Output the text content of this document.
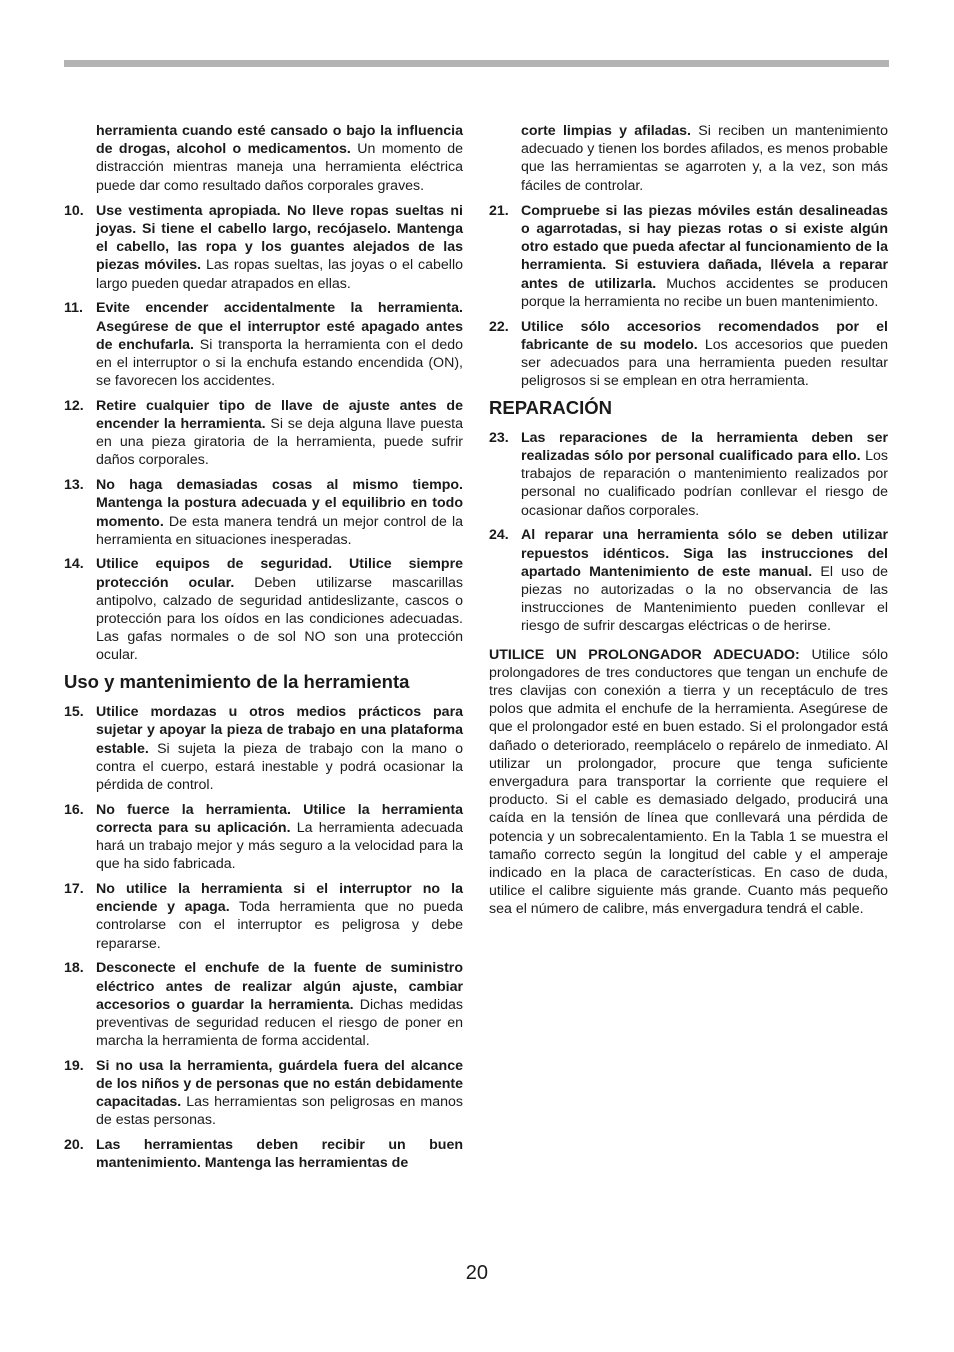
herramienta cuando esté cansado o bajo la influencia de drogas, alcohol o medicamentos. Un momento de distracción mientras maneja una herramienta eléctrica puede dar como resultado daños corporales graves.
10. Use vestimenta apropiada. No lleve ropas sueltas ni joyas. Si tiene el cabello largo, recójaselo. Mantenga el cabello, las ropa y los guantes alejados de las piezas móviles. Las ropas sueltas, las joyas o el cabello largo pueden quedar atrapados en ellas.
11. Evite encender accidentalmente la herramienta. Asegúrese de que el interruptor esté apagado antes de enchufarla. Si transporta la herramienta con el dedo en el interruptor o si la enchufa estando encendida (ON), se favorecen los accidentes.
12. Retire cualquier tipo de llave de ajuste antes de encender la herramienta. Si se deja alguna llave puesta en una pieza giratoria de la herramienta, puede sufrir daños corporales.
13. No haga demasiadas cosas al mismo tiempo. Mantenga la postura adecuada y el equilibrio en todo momento. De esta manera tendrá un mejor control de la herramienta en situaciones inesperadas.
14. Utilice equipos de seguridad. Utilice siempre protección ocular. Deben utilizarse mascarillas antipolvo, calzado de seguridad antideslizante, cascos o protección para los oídos en las condiciones adecuadas. Las gafas normales o de sol NO son una protección ocular.
Uso y mantenimiento de la herramienta
15. Utilice mordazas u otros medios prácticos para sujetar y apoyar la pieza de trabajo en una plataforma estable. Si sujeta la pieza de trabajo con la mano o contra el cuerpo, estará inestable y podrá ocasionar la pérdida de control.
16. No fuerce la herramienta. Utilice la herramienta correcta para su aplicación. La herramienta adecuada hará un trabajo mejor y más seguro a la velocidad para la que ha sido fabricada.
17. No utilice la herramienta si el interruptor no la enciende y apaga. Toda herramienta que no pueda controlarse con el interruptor es peligrosa y debe repararse.
18. Desconecte el enchufe de la fuente de suministro eléctrico antes de realizar algún ajuste, cambiar accesorios o guardar la herramienta. Dichas medidas preventivas de seguridad reducen el riesgo de poner en marcha la herramienta de forma accidental.
19. Si no usa la herramienta, guárdela fuera del alcance de los niños y de personas que no están debidamente capacitadas. Las herramientas son peligrosas en manos de estas personas.
20. Las herramientas deben recibir un buen mantenimiento. Mantenga las herramientas de
corte limpias y afiladas. Si reciben un mantenimiento adecuado y tienen los bordes afilados, es menos probable que las herramientas se agarroten y, a la vez, son más fáciles de controlar.
21. Compruebe si las piezas móviles están desalineadas o agarrotadas, si hay piezas rotas o si existe algún otro estado que pueda afectar al funcionamiento de la herramienta. Si estuviera dañada, llévela a reparar antes de utilizarla. Muchos accidentes se producen porque la herramienta no recibe un buen mantenimiento.
22. Utilice sólo accesorios recomendados por el fabricante de su modelo. Los accesorios que pueden ser adecuados para una herramienta pueden resultar peligrosos si se emplean en otra herramienta.
REPARACIÓN
23. Las reparaciones de la herramienta deben ser realizadas sólo por personal cualificado para ello. Los trabajos de reparación o mantenimiento realizados por personal no cualificado podrían conllevar el riesgo de ocasionar daños corporales.
24. Al reparar una herramienta sólo se deben utilizar repuestos idénticos. Siga las instrucciones del apartado Mantenimiento de este manual. El uso de piezas no autorizadas o la no observancia de las instrucciones de Mantenimiento pueden conllevar el riesgo de sufrir descargas eléctricas o de herirse.
UTILICE UN PROLONGADOR ADECUADO: Utilice sólo prolongadores de tres conductores que tengan un enchufe de tres clavijas con conexión a tierra y un receptáculo de tres polos que admita el enchufe de la herramienta. Asegúrese de que el prolongador esté en buen estado. Si el prolongador está dañado o deteriorado, reemplácelo o repárelo de inmediato. Al utilizar un prolongador, procure que tenga suficiente envergadura para transportar la corriente que requiere el producto. Si el cable es demasiado delgado, producirá una caída en la tensión de línea que conllevará una pérdida de potencia y un sobrecalentamiento. En la Tabla 1 se muestra el tamaño correcto según la longitud del cable y el amperaje indicado en la placa de características. En caso de duda, utilice el calibre siguiente más grande. Cuanto más pequeño sea el número de calibre, más envergadura tendrá el cable.
20
